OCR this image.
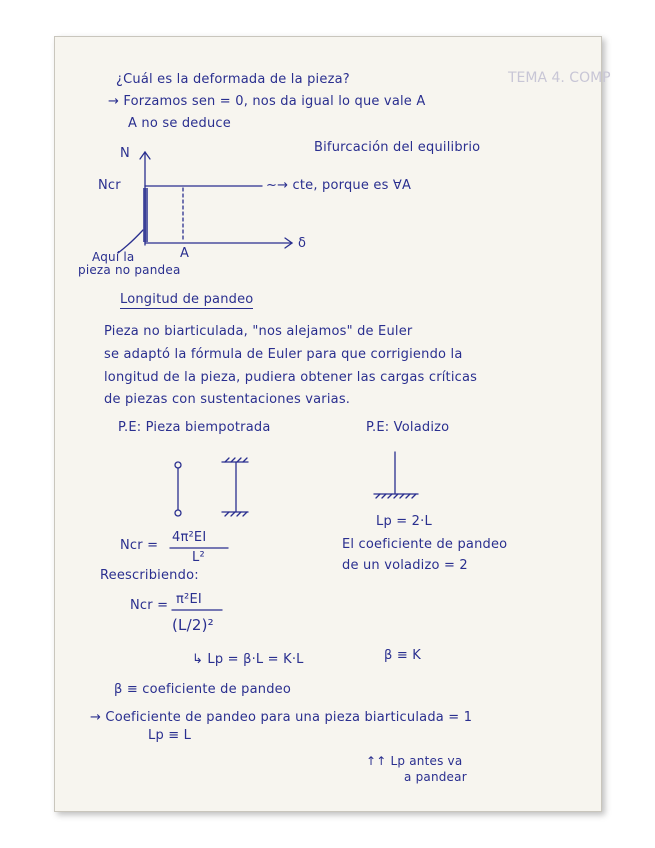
TEMA 4. COMP
¿Cuál es la deformada de la pieza?
→ Forzamos sen = 0, nos da igual lo que vale A
A no se deduce
Bifurcación del equilibrio
N
Ncr	~→ cte, porque es ∀A
δ
A
Aquí la
pieza no pandea
Longitud de pandeo
Pieza no biarticulada, "nos alejamos" de Euler
se adaptó la fórmula de Euler para que corrigiendo la
longitud de la pieza, pudiera obtener las cargas críticas
de piezas con sustentaciones varias.
P.E: Pieza biempotrada	P.E: Voladizo
Lp = 2·L
El coeficiente de pandeo
de un voladizo = 2
Ncr =
4π²EI
L²
Reescribiendo:
Ncr = π²EI
(L/2)²
↳ Lp = β·L = K·L	β ≡ K
β ≡ coeficiente de pandeo
→ Coeficiente de pandeo para una pieza biarticulada = 1
Lp ≡ L
↑↑ Lp antes va
a pandear
